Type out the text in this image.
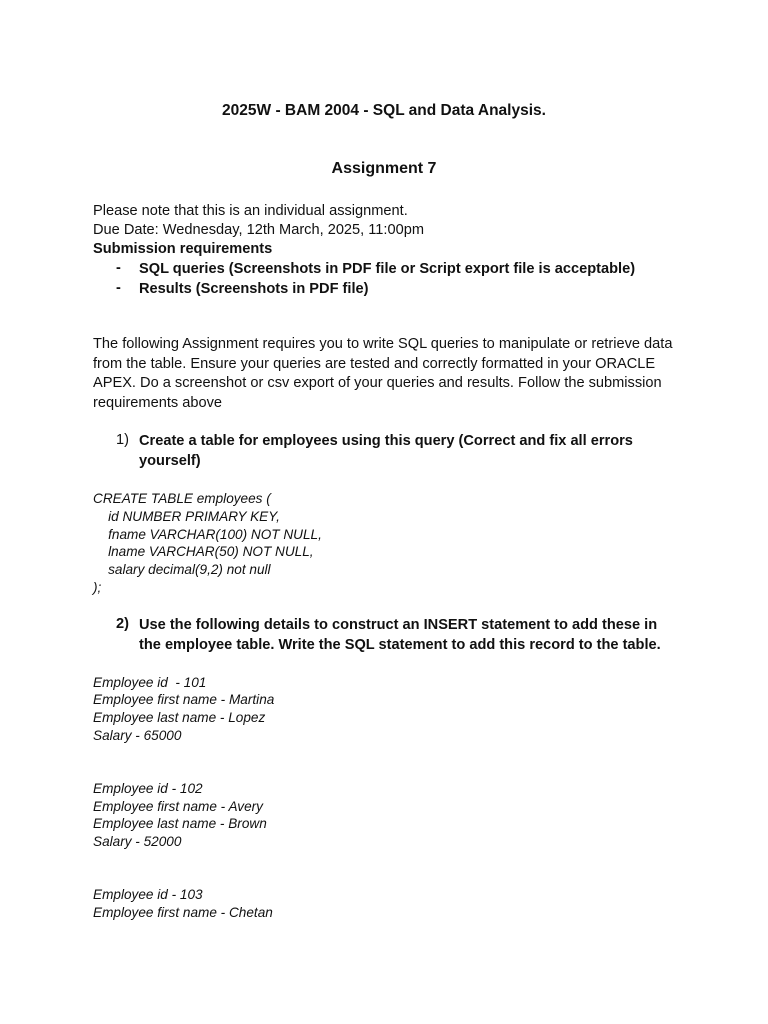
2025W - BAM 2004 - SQL and Data Analysis.
Assignment 7
Please note that this is an individual assignment.
Due Date: Wednesday, 12th March, 2025, 11:00pm
Submission requirements
- SQL queries (Screenshots in PDF file or Script export file is acceptable)
- Results (Screenshots in PDF file)
The following Assignment requires you to write SQL queries to manipulate or retrieve data from the table. Ensure your queries are tested and correctly formatted in your ORACLE APEX. Do a screenshot or csv export of your queries and results. Follow the submission requirements above
1) Create a table for employees using this query (Correct and fix all errors yourself)
CREATE TABLE employees (
id NUMBER PRIMARY KEY,
fname VARCHAR(100) NOT NULL,
lname VARCHAR(50) NOT NULL,
salary decimal(9,2) not null
);
2) Use the following details to construct an INSERT statement to add these in the employee table. Write the SQL statement to add this record to the table.
Employee id  - 101
Employee first name - Martina
Employee last name - Lopez
Salary - 65000
Employee id - 102
Employee first name - Avery
Employee last name - Brown
Salary - 52000
Employee id - 103
Employee first name - Chetan
